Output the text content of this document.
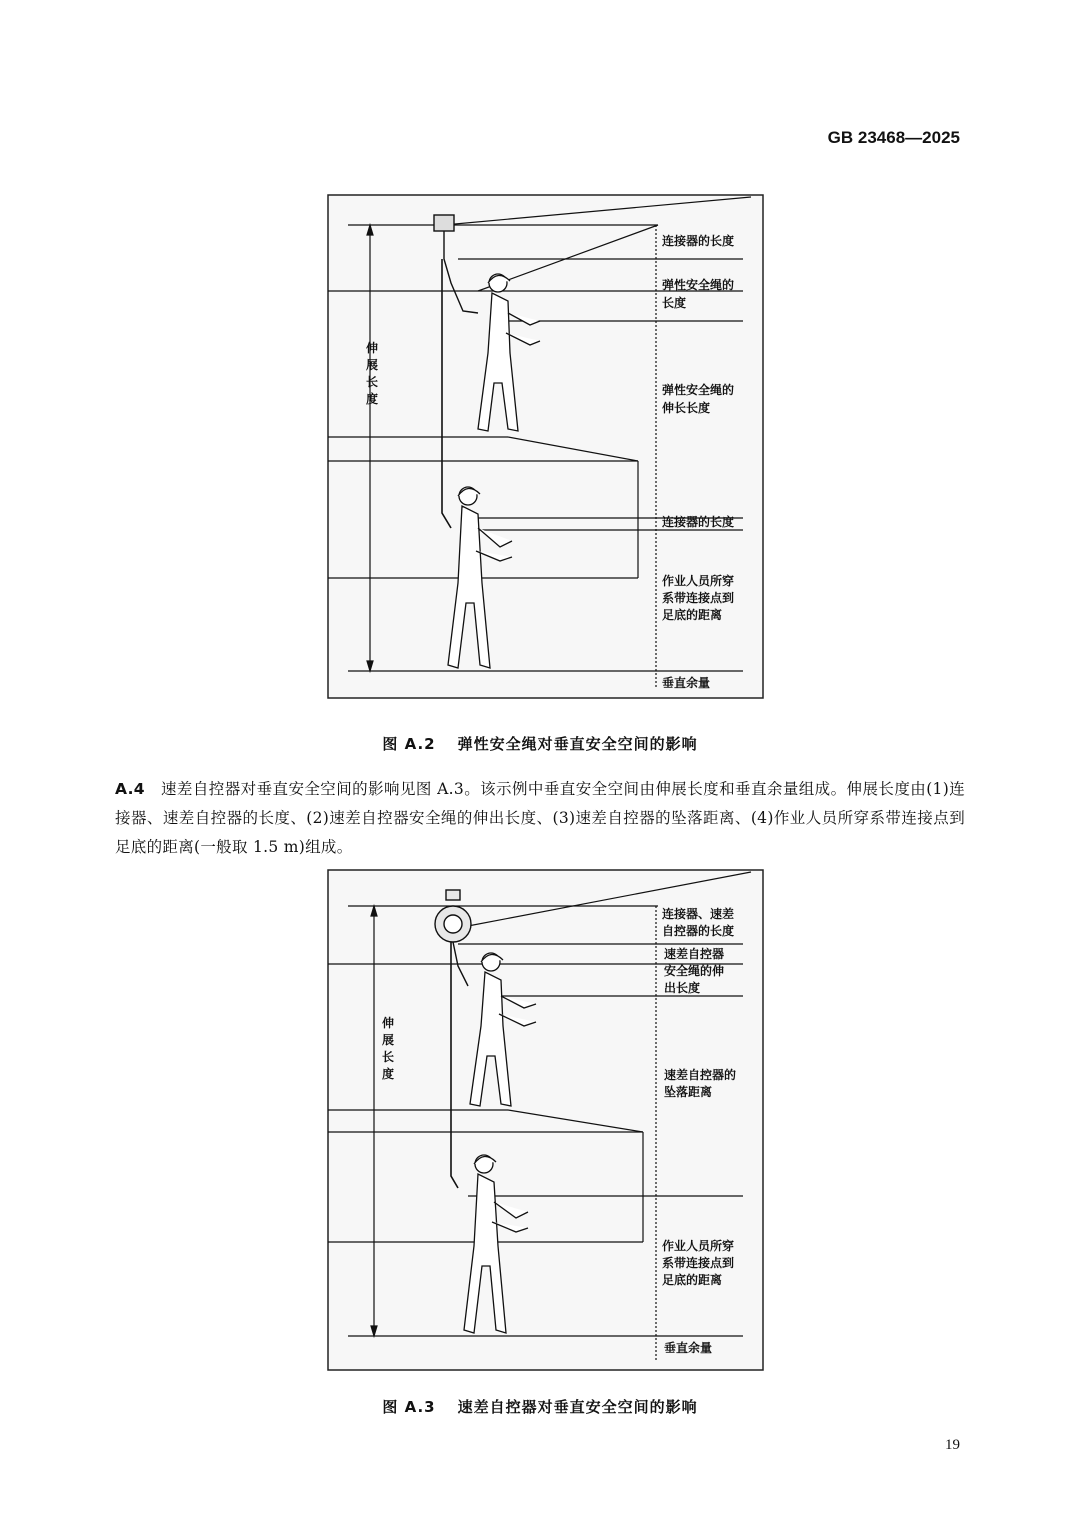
GB 23468—2025
伸
展
长
度
连接器的长度
弹性安全绳的
长度
弹性安全绳的
伸长长度
连接器的长度
作业人员所穿
系带连接点到
足底的距离
垂直余量
图 A.2 弹性安全绳对垂直安全空间的影响
A.4 速差自控器对垂直安全空间的影响见图 A.3。该示例中垂直安全空间由伸展长度和垂直余量组成。伸展长度由(1)连接器、速差自控器的长度、(2)速差自控器安全绳的伸出长度、(3)速差自控器的坠落距离、(4)作业人员所穿系带连接点到足底的距离(一般取 1.5 m)组成。
伸
展
长
度
连接器、速差
自控器的长度
速差自控器
安全绳的伸
出长度
速差自控器的
坠落距离
作业人员所穿
系带连接点到
足底的距离
垂直余量
图 A.3 速差自控器对垂直安全空间的影响
19
